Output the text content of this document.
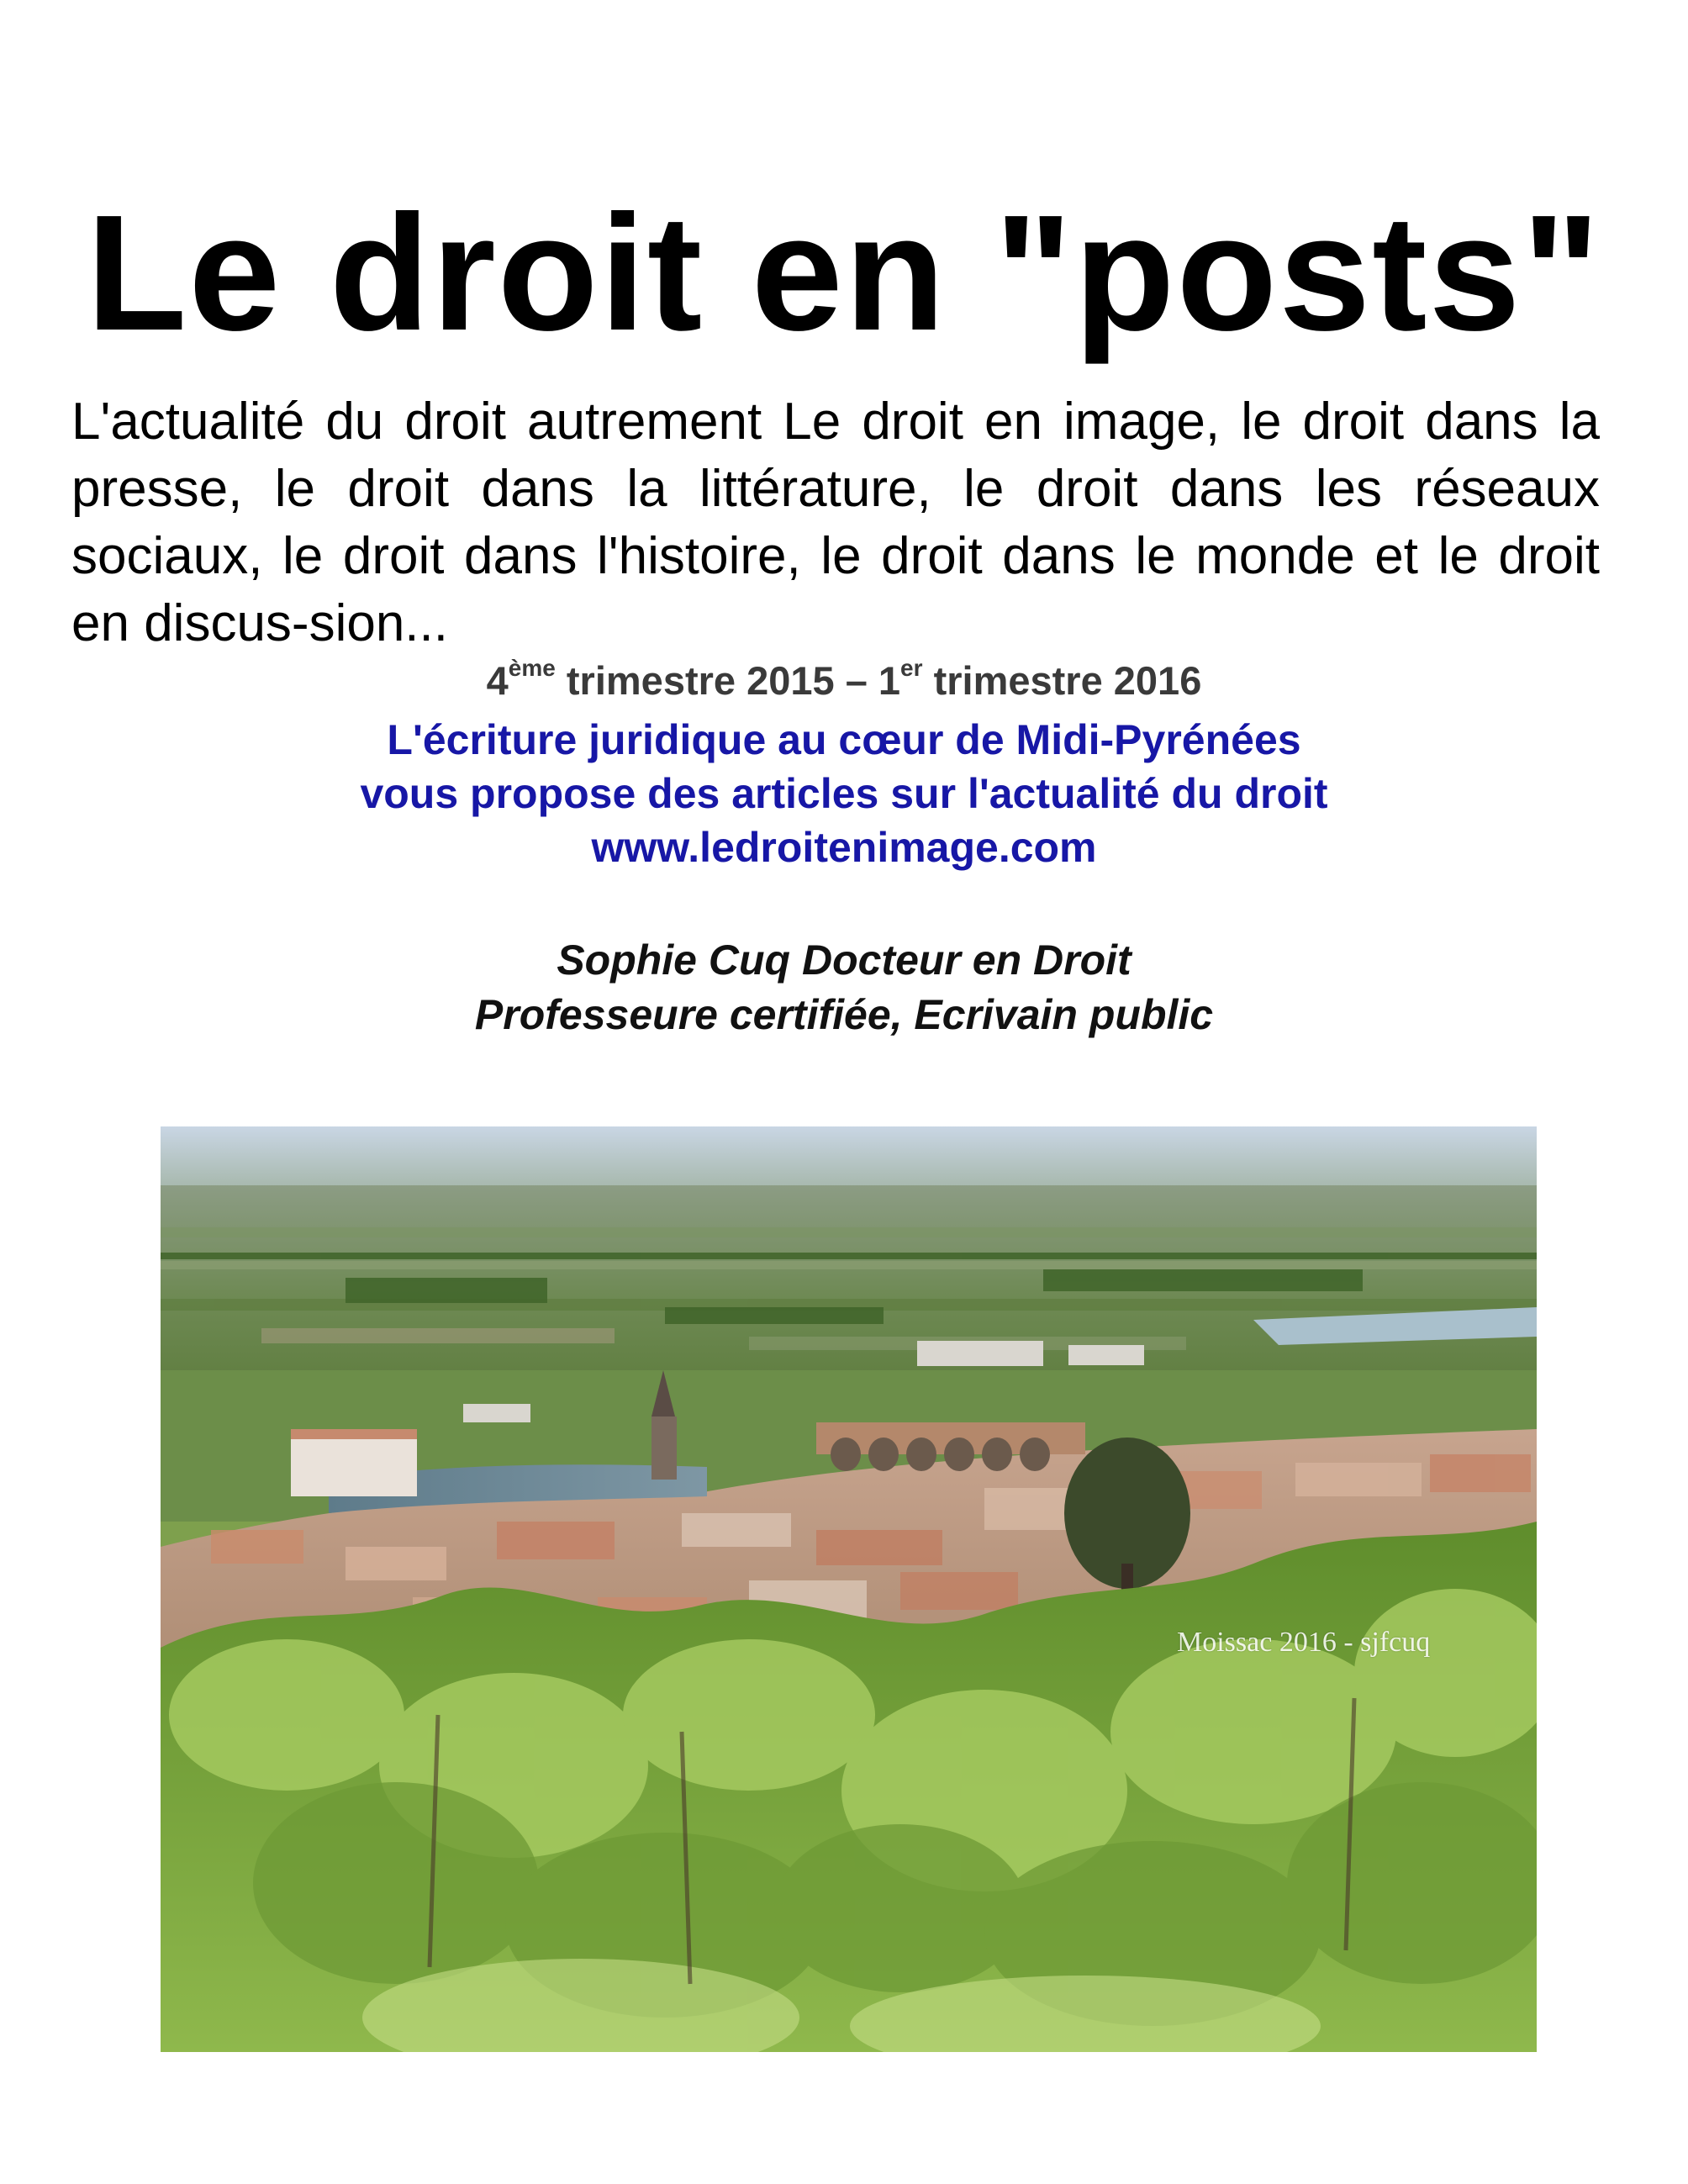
Le droit en "posts"
L'actualité du droit autrement Le droit en image, le droit dans la presse, le droit dans la littérature, le droit dans les réseaux sociaux, le droit dans l'histoire, le droit dans le monde et le droit en discus-sion...
4ème trimestre 2015 – 1er trimestre 2016
L'écriture juridique au cœur de Midi-Pyrénées
vous propose des articles sur l'actualité du droit
www.ledroitenimage.com
Sophie Cuq Docteur en Droit
Professeure certifiée, Ecrivain public
Moissac 2016 - sjfcuq
